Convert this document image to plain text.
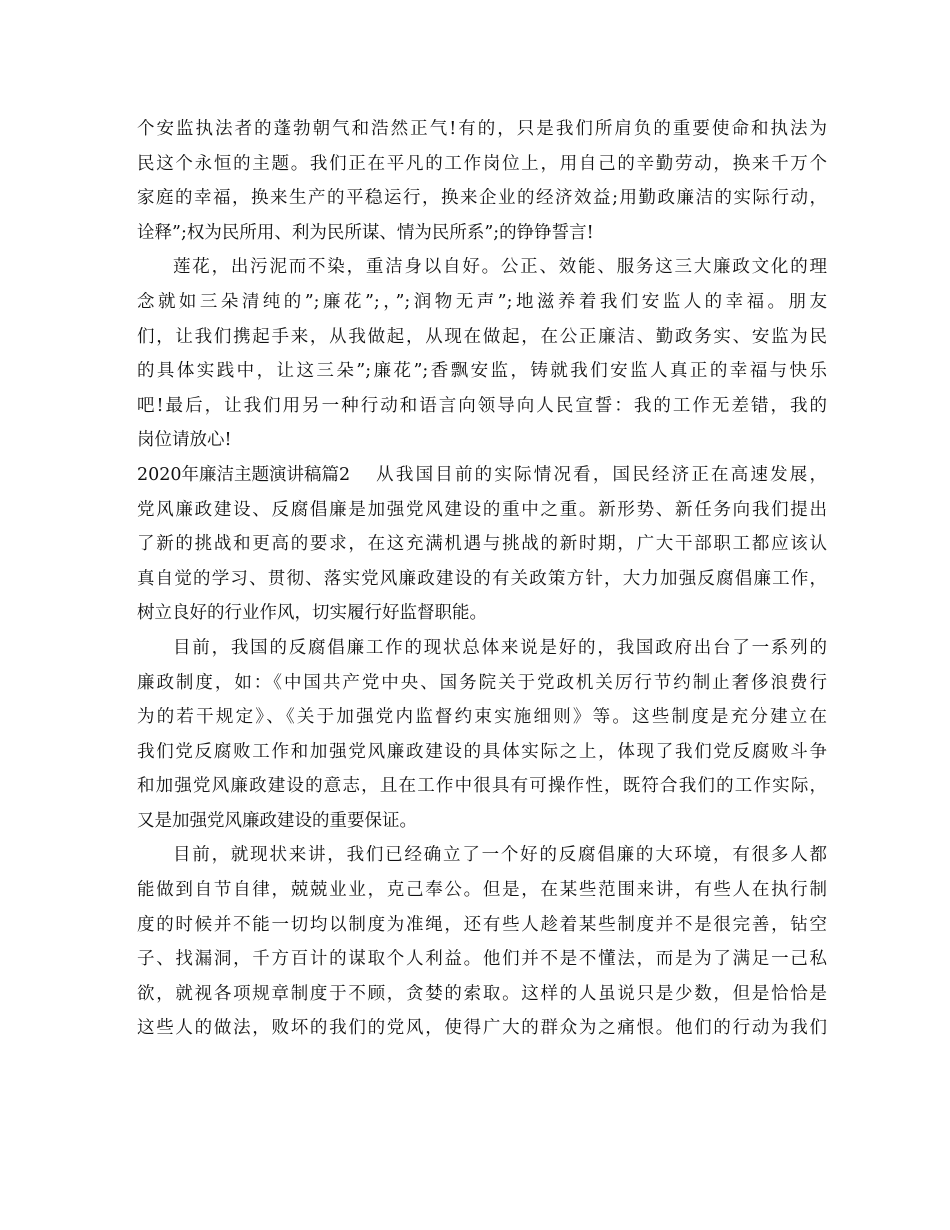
个安监执法者的蓬勃朝气和浩然正气!有的，只是我们所肩负的重要使命和执法为
民这个永恒的主题。我们正在平凡的工作岗位上，用自己的辛勤劳动，换来千万个
家庭的幸福，换来生产的平稳运行，换来企业的经济效益;用勤政廉洁的实际行动，
诠释”;权为民所用、利为民所谋、情为民所系”;的铮铮誓言!
莲花，出污泥而不染，重洁身以自好。公正、效能、服务这三大廉政文化的理
念就如三朵清纯的”;廉花”;，”;润物无声”;地滋养着我们安监人的幸福。朋友
们，让我们携起手来，从我做起，从现在做起，在公正廉洁、勤政务实、安监为民
的具体实践中，让这三朵”;廉花”;香飘安监，铸就我们安监人真正的幸福与快乐
吧!最后，让我们用另一种行动和语言向领导向人民宣誓：我的工作无差错，我的
岗位请放心!
2020年廉洁主题演讲稿篇2	从我国目前的实际情况看，国民经济正在高速发展，
党风廉政建设、反腐倡廉是加强党风建设的重中之重。新形势、新任务向我们提出
了新的挑战和更高的要求，在这充满机遇与挑战的新时期，广大干部职工都应该认
真自觉的学习、贯彻、落实党风廉政建设的有关政策方针，大力加强反腐倡廉工作，
树立良好的行业作风，切实履行好监督职能。
目前，我国的反腐倡廉工作的现状总体来说是好的，我国政府出台了一系列的
廉政制度，如：《中国共产党中央、国务院关于党政机关厉行节约制止奢侈浪费行
为的若干规定》、《关于加强党内监督约束实施细则》等。这些制度是充分建立在
我们党反腐败工作和加强党风廉政建设的具体实际之上，体现了我们党反腐败斗争
和加强党风廉政建设的意志，且在工作中很具有可操作性，既符合我们的工作实际，
又是加强党风廉政建设的重要保证。
目前，就现状来讲，我们已经确立了一个好的反腐倡廉的大环境，有很多人都
能做到自节自律，兢兢业业，克己奉公。但是，在某些范围来讲，有些人在执行制
度的时候并不能一切均以制度为准绳，还有些人趁着某些制度并不是很完善，钻空
子、找漏洞，千方百计的谋取个人利益。他们并不是不懂法，而是为了满足一己私
欲，就视各项规章制度于不顾，贪婪的索取。这样的人虽说只是少数，但是恰恰是
这些人的做法，败坏的我们的党风，使得广大的群众为之痛恨。他们的行动为我们
